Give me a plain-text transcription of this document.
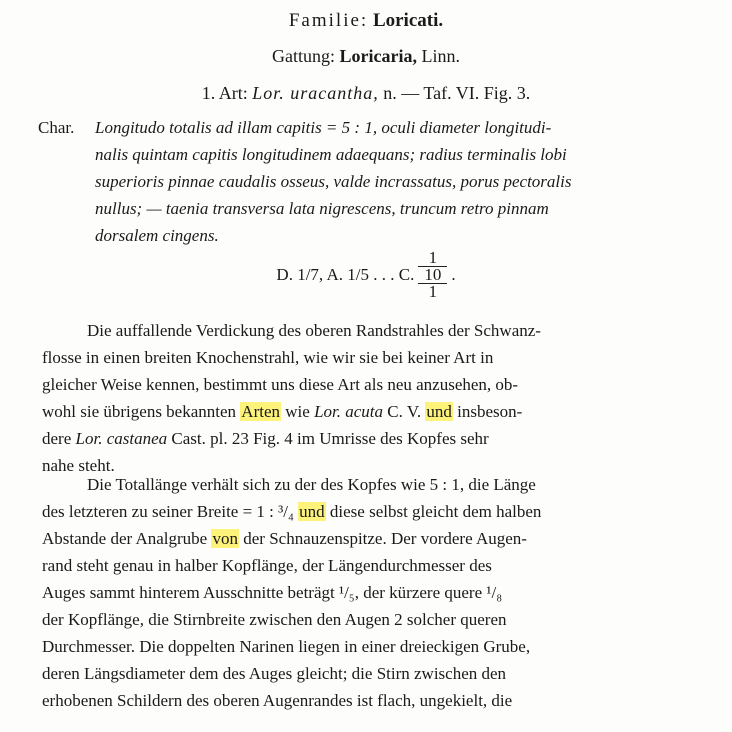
Familie: Loricati.
Gattung: Loricaria, Linn.
1. Art: Lor. uracantha, n. — Taf. VI. Fig. 3.
Char. Longitudo totalis ad illam capitis = 5 : 1, oculi diameter longitudi-
nalis quintam capitis longitudinem adaequans; radius terminalis lobi
superioris pinnae caudalis osseus, valde incrassatus, porus pectoralis
nullus; — taenia transversa lata nigrescens, truncum retro pinnam
dorsalem cingens.
D. 1/7, A. 1/5 . . . C.
1
10
1
.
Die auffallende Verdickung des oberen Randstrahles der Schwanz-
flosse in einen breiten Knochenstrahl, wie wir sie bei keiner Art in
gleicher Weise kennen, bestimmt uns diese Art als neu anzusehen, ob-
wohl sie übrigens bekannten Arten wie Lor. acuta C. V. und insbeson-
dere Lor. castanea Cast. pl. 23 Fig. 4 im Umrisse des Kopfes sehr
nahe steht.
Die Totallänge verhält sich zu der des Kopfes wie 5 : 1, die Länge
des letzteren zu seiner Breite = 1 : ³/₄ und diese selbst gleicht dem halben
Abstande der Analgrube von der Schnauzenspitze. Der vordere Augen-
rand steht genau in halber Kopflänge, der Längendurchmesser des
Auges sammt hinterem Ausschnitte beträgt ¹/₅, der kürzere quere ¹/₈
der Kopflänge, die Stirnbreite zwischen den Augen 2 solcher queren
Durchmesser. Die doppelten Narinen liegen in einer dreieckigen Grube,
deren Längsdiameter dem des Auges gleicht; die Stirn zwischen den
erhobenen Schildern des oberen Augenrandes ist flach, ungekielt, die
